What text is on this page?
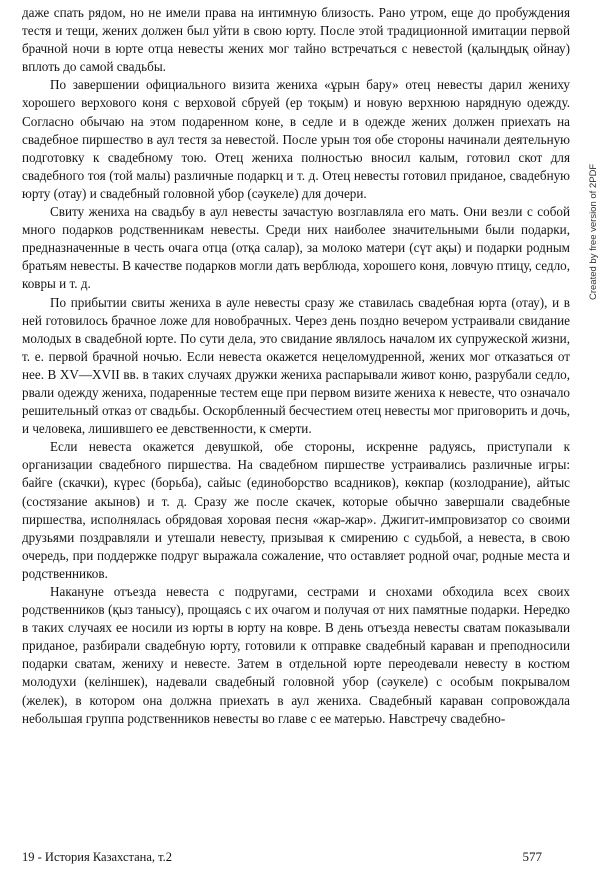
даже спать рядом, но не имели права на интимную близость. Рано утром, еще до пробуждения тестя и тещи, жених должен был уйти в свою юрту. После этой традиционной имитации первой брачной ночи в юрте отца невесты жених мог тайно встречаться с невестой (қалыңдық ойнау) вплоть до самой свадьбы.

По завершении официального визита жениха «ұрын бару» отец невесты дарил жениху хорошего верхового коня с верховой сбруей (ер тоқым) и новую верхнюю нарядную одежду. Согласно обычаю на этом подаренном коне, в седле и в одежде жених должен приехать на свадебное пиршество в аул тестя за невестой. После урын тоя обе стороны начинали деятельную подготовку к свадебному тою. Отец жениха полностью вносил калым, готовил скот для свадебного тоя (той малы) различные подаркц и т. д. Отец невесты готовил приданое, свадебную юрту (отау) и свадебный головной убор (сәукеле) для дочери.

Свиту жениха на свадьбу в аул невесты зачастую возглавляла его мать. Они везли с собой много подарков родственникам невесты. Среди них наиболее значительными были подарки, предназначенные в честь очага отца (отқа салар), за молоко матери (сүт ақы) и подарки родным братьям невесты. В качестве подарков могли дать верблюда, хорошего коня, ловчую птицу, седло, ковры и т. д.

По прибытии свиты жениха в ауле невесты сразу же ставилась свадебная юрта (отау), и в ней готовилось брачное ложе для новобрачных. Через день поздно вечером устраивали свидание молодых в свадебной юрте. По сути дела, это свидание являлось началом их супружеской жизни, т. е. первой брачной ночью. Если невеста окажется нецеломудренной, жених мог отказаться от нее. В XV—XVII вв. в таких случаях дружки жениха распарывали живот коню, разрубали седло, рвали одежду жениха, подаренные тестем еще при первом визите жениха к невесте, что означало решительный отказ от свадьбы. Оскорбленный бесчестием отец невесты мог приговорить и дочь, и человека, лишившего ее девственности, к смерти.

Если невеста окажется девушкой, обе стороны, искренне радуясь, приступали к организации свадебного пиршества. На свадебном пиршестве устраивались различные игры: байге (скачки), күрес (борьба), сайыс (единоборство всадников), көкпар (козлодрание), айтыс (состязание акынов) и т. д. Сразу же после скачек, которые обычно завершали свадебные пиршества, исполнялась обрядовая хоровая песня «жар-жар». Джигит-импровизатор со своими друзьями поздравляли и утешали невесту, призывая к смирению с судьбой, а невеста, в свою очередь, при поддержке подруг выражала сожаление, что оставляет родной очаг, родные места и родственников.

Накануне отъезда невеста с подругами, сестрами и снохами обходила всех своих родственников (қыз танысу), прощаясь с их очагом и получая от них памятные подарки. Нередко в таких случаях ее носили из юрты в юрту на ковре. В день отъезда невесты сватам показывали приданое, разбирали свадебную юрту, готовили к отправке свадебный караван и преподносили подарки сватам, жениху и невесте. Затем в отдельной юрте переодевали невесту в костюм молодухи (келіншек), надевали свадебный головной убор (сәукеле) с особым покрывалом (желек), в котором она должна приехать в аул жениха. Свадебный караван сопровождала небольшая группа родственников невесты во главе с ее матерью. Навстречу свадебно-

19 - История Казахстана, т.2	577
Created by free version of 2PDF
